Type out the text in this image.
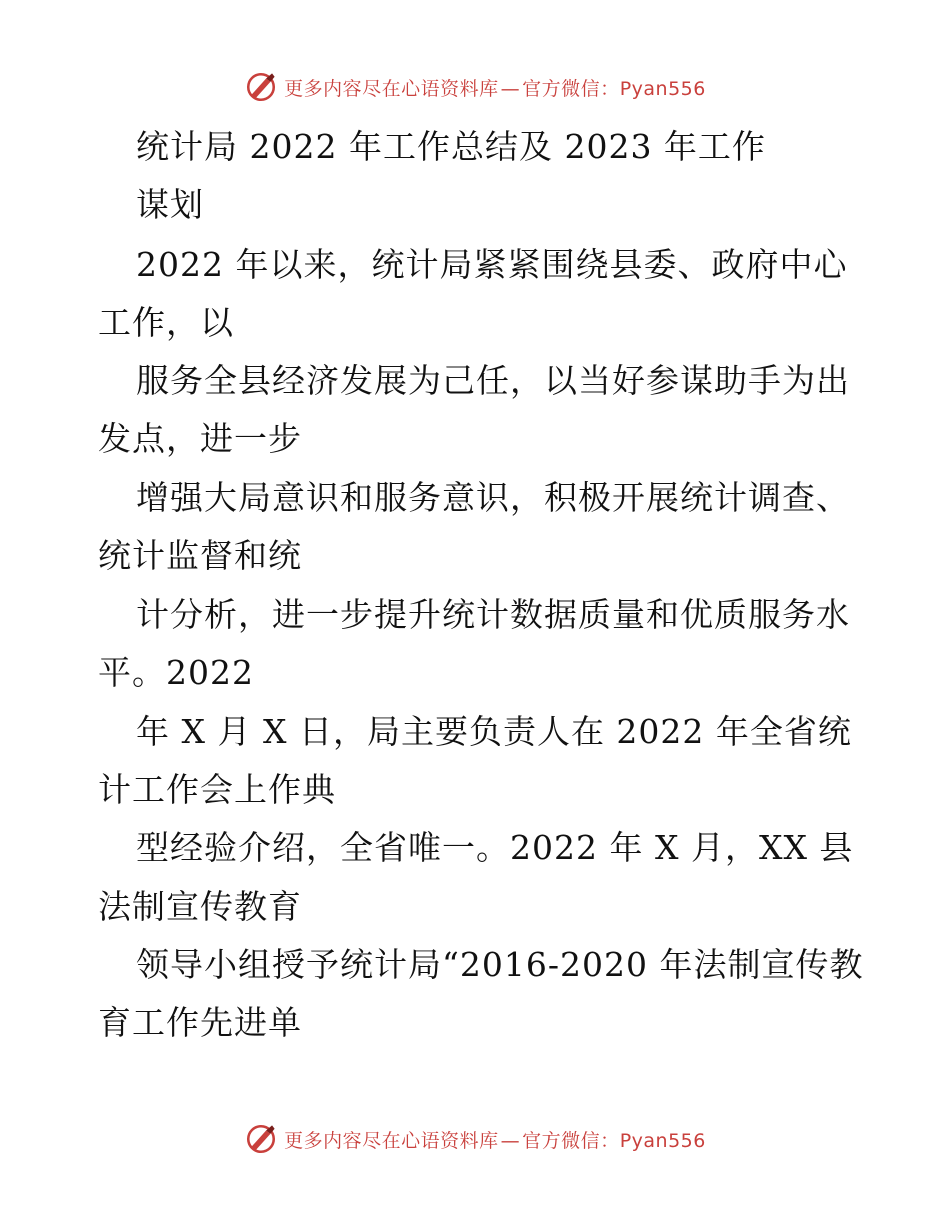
更多内容尽在心语资料库 — 官方微信：Pyan556
统计局 2022 年工作总结及 2023 年工作
谋划
2022 年以来，统计局紧紧围绕县委、政府中心
工作，以
服务全县经济发展为己任，以当好参谋助手为出
发点，进一步
增强大局意识和服务意识，积极开展统计调查、
统计监督和统
计分析，进一步提升统计数据质量和优质服务水
平。2022
年 X 月 X 日，局主要负责人在 2022 年全省统
计工作会上作典
型经验介绍，全省唯一。2022 年 X 月，XX 县
法制宣传教育
领导小组授予统计局“2016-2020 年法制宣传教
育工作先进单
更多内容尽在心语资料库 — 官方微信：Pyan556
